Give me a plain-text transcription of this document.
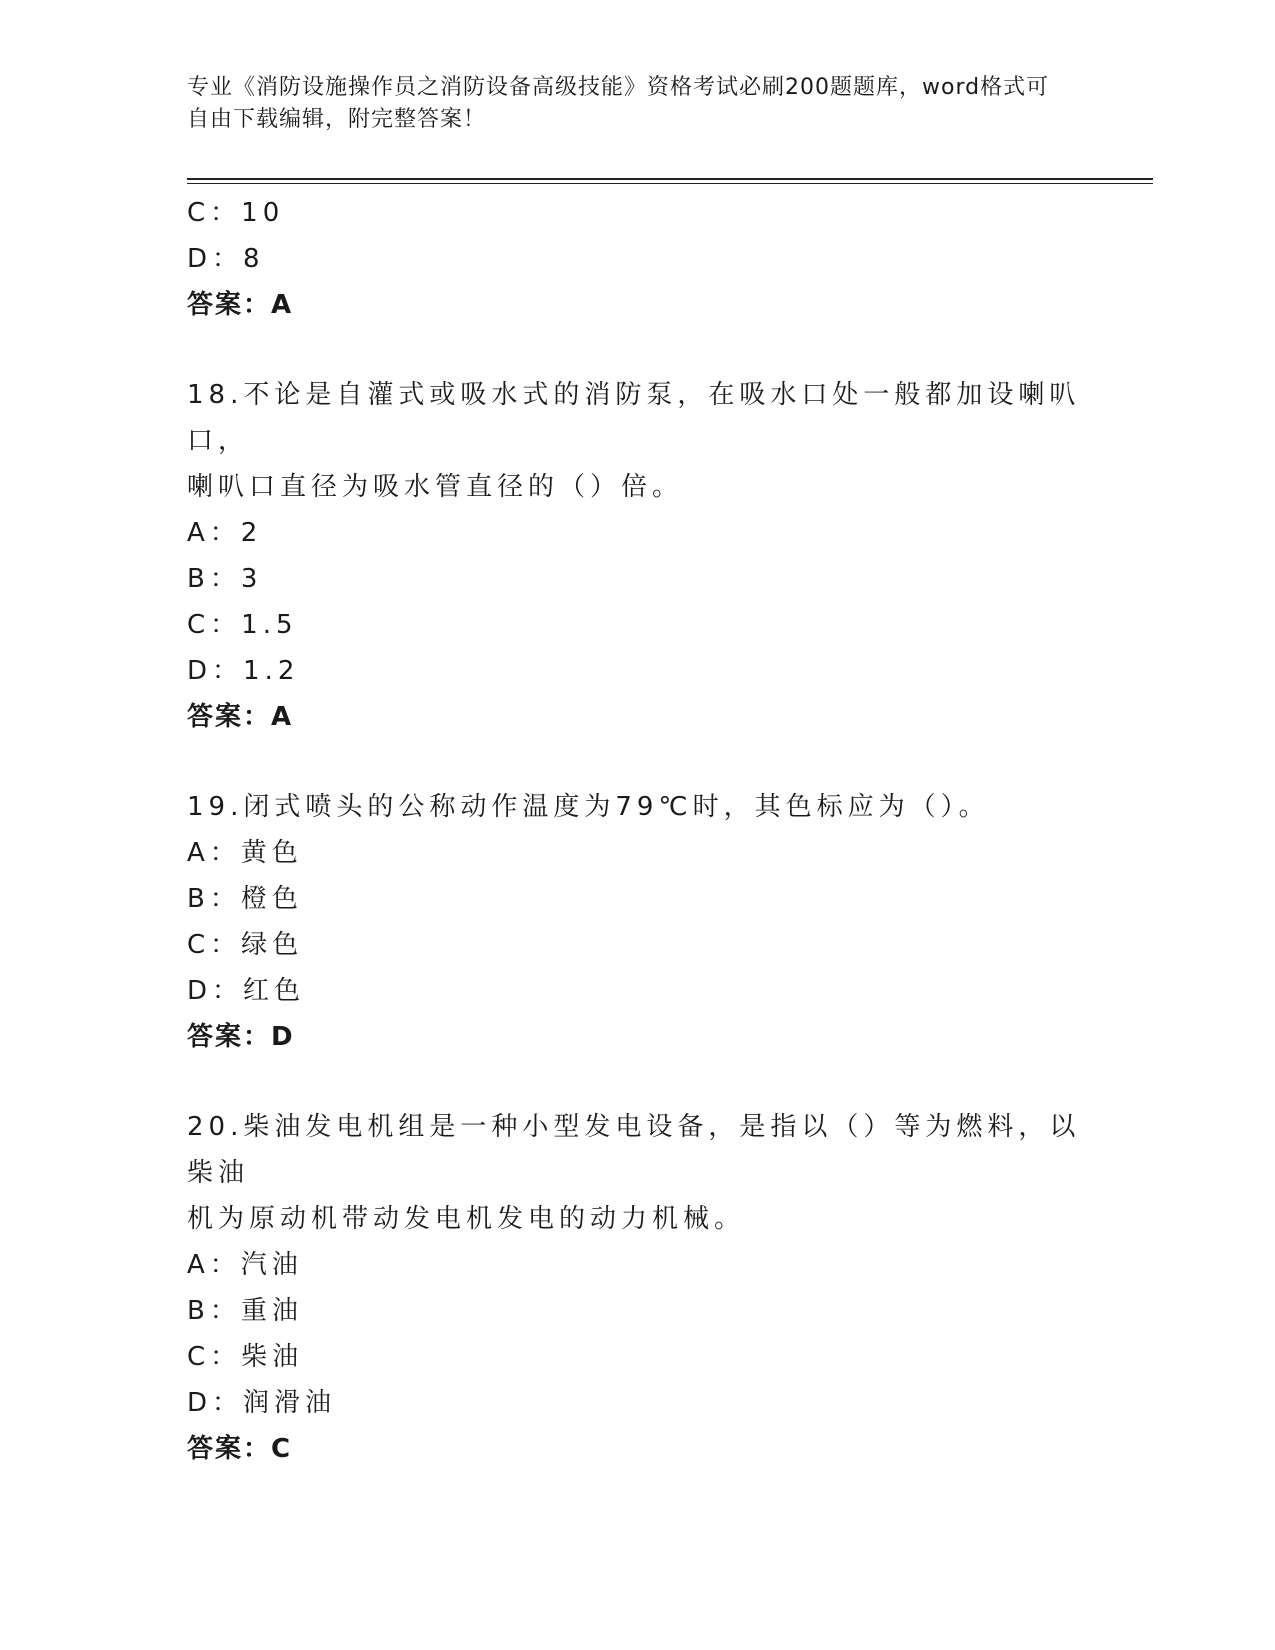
专业《消防设施操作员之消防设备高级技能》资格考试必刷200题题库，word格式可自由下载编辑，附完整答案！
C：10
D：8
答案：A
18.不论是自灌式或吸水式的消防泵，在吸水口处一般都加设喇叭口，
喇叭口直径为吸水管直径的（）倍。
A：2
B：3
C：1.5
D：1.2
答案：A
19.闭式喷头的公称动作温度为79℃时，其色标应为（）。
A：黄色
B：橙色
C：绿色
D：红色
答案：D
20.柴油发电机组是一种小型发电设备，是指以（）等为燃料，以柴油
机为原动机带动发电机发电的动力机械。
A：汽油
B：重油
C：柴油
D：润滑油
答案：C
